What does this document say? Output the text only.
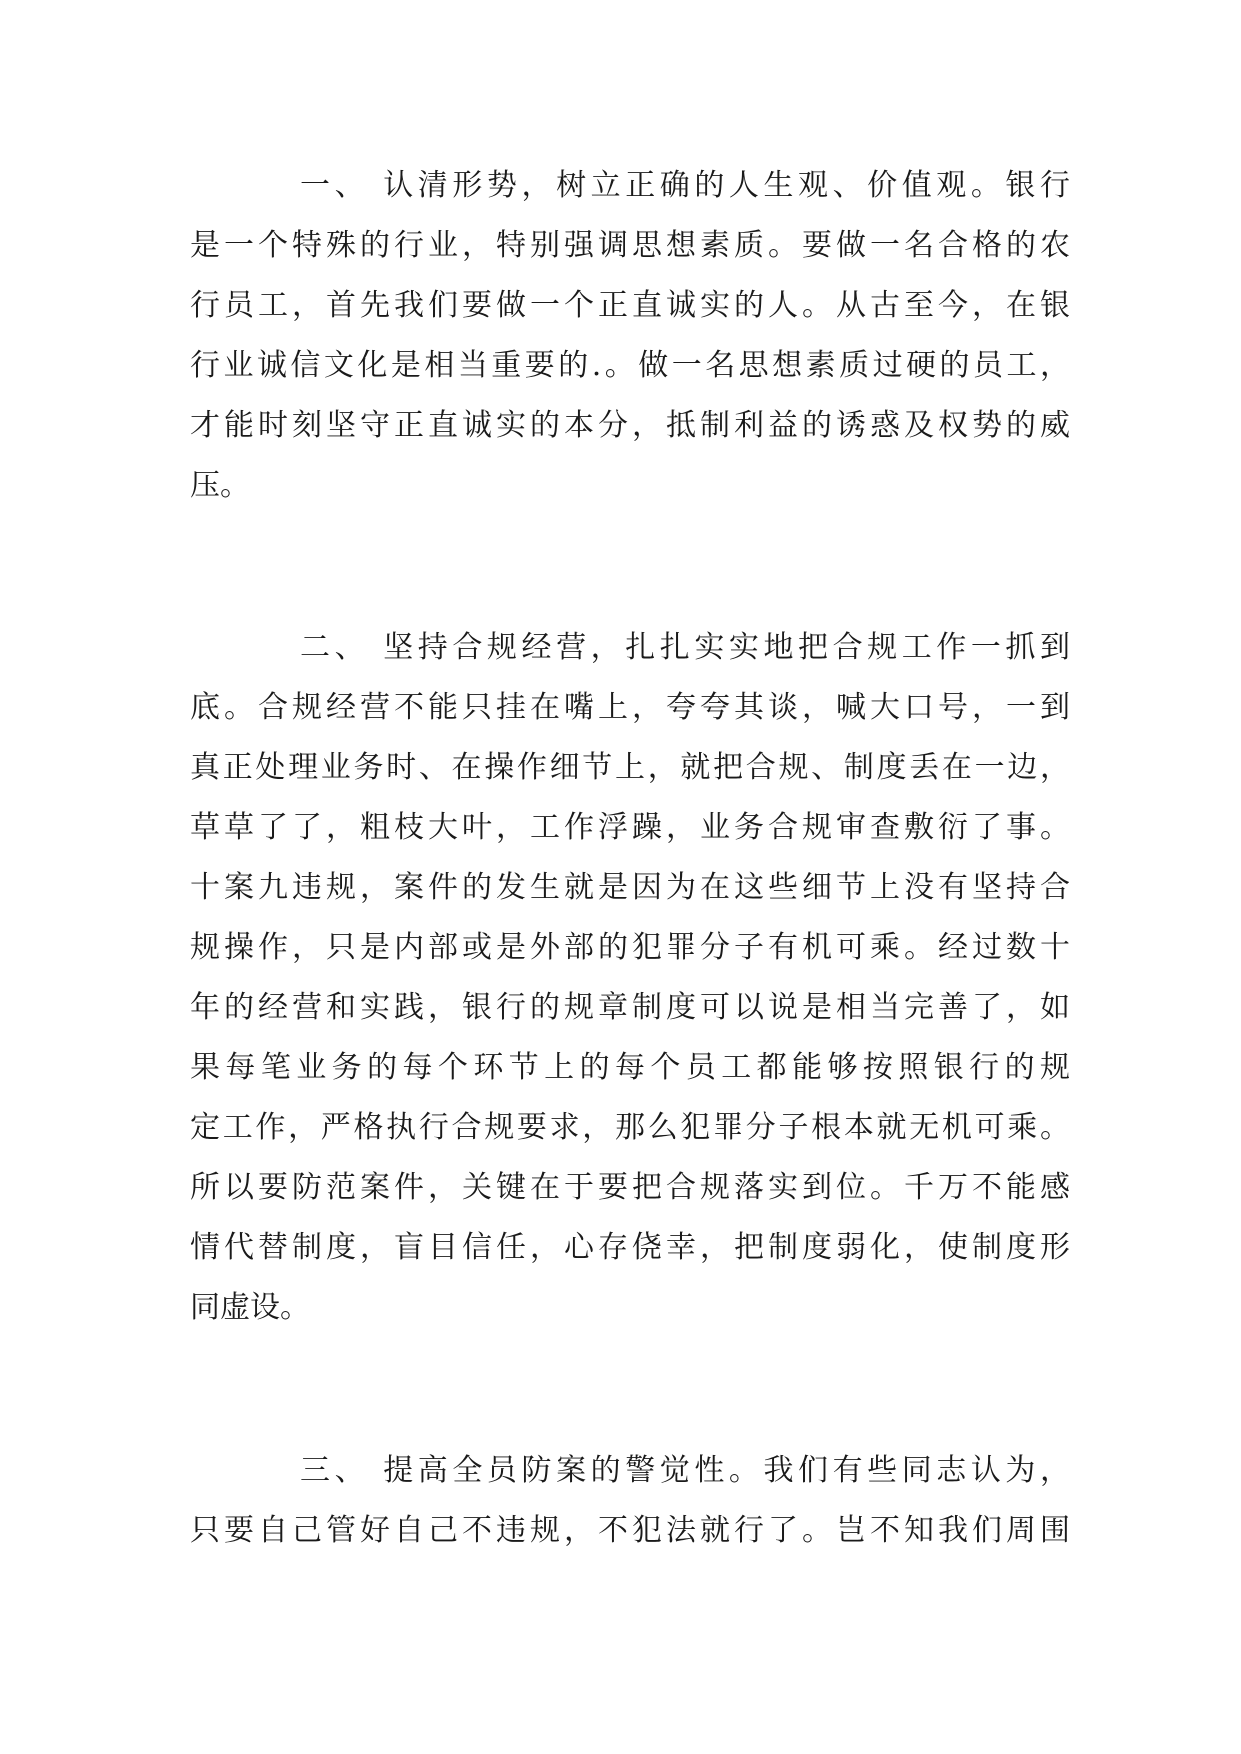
一、 认清形势，树立正确的人生观、价值观。银行
是一个特殊的行业，特别强调思想素质。要做一名合格的农
行员工，首先我们要做一个正直诚实的人。从古至今，在银
行业诚信文化是相当重要的.。做一名思想素质过硬的员工，
才能时刻坚守正直诚实的本分，抵制利益的诱惑及权势的威
压。
二、 坚持合规经营，扎扎实实地把合规工作一抓到
底。合规经营不能只挂在嘴上，夸夸其谈，喊大口号，一到
真正处理业务时、在操作细节上，就把合规、制度丢在一边，
草草了了，粗枝大叶，工作浮躁，业务合规审查敷衍了事。
十案九违规，案件的发生就是因为在这些细节上没有坚持合
规操作，只是内部或是外部的犯罪分子有机可乘。经过数十
年的经营和实践，银行的规章制度可以说是相当完善了，如
果每笔业务的每个环节上的每个员工都能够按照银行的规
定工作，严格执行合规要求，那么犯罪分子根本就无机可乘。
所以要防范案件，关键在于要把合规落实到位。千万不能感
情代替制度，盲目信任，心存侥幸，把制度弱化，使制度形
同虚设。
三、 提高全员防案的警觉性。我们有些同志认为，
只要自己管好自己不违规，不犯法就行了。岂不知我们周围
